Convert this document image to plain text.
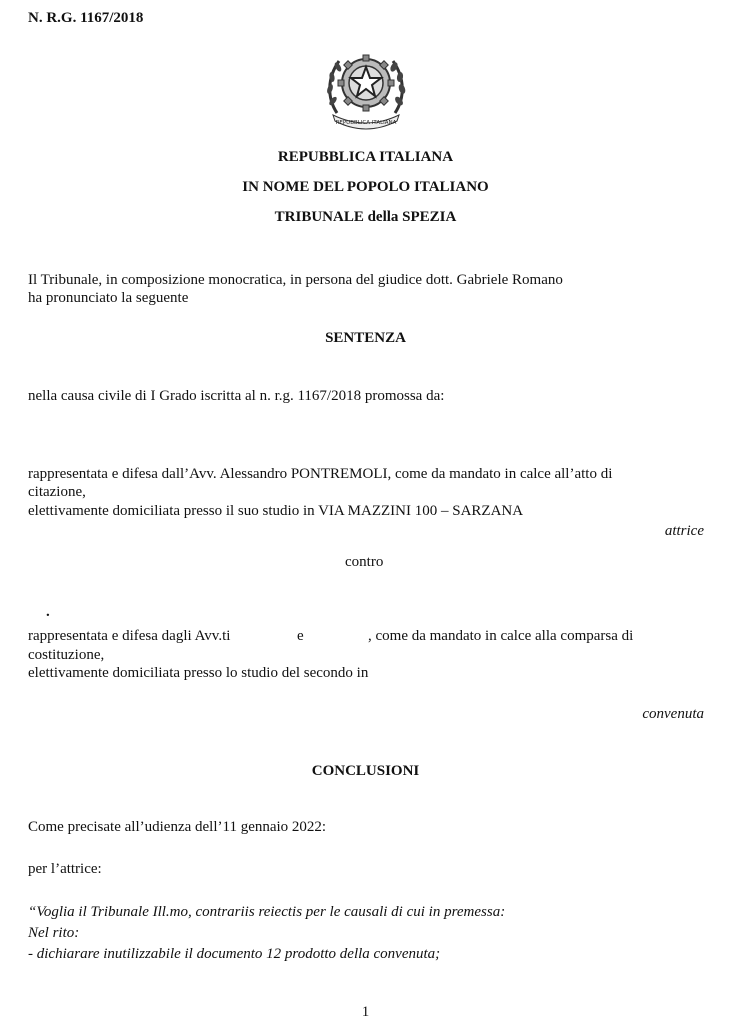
N. R.G. 1167/2018
REPUBBLICA ITALIANA
REPUBBLICA ITALIANA
IN NOME DEL POPOLO ITALIANO
TRIBUNALE della SPEZIA
Il Tribunale, in composizione monocratica, in persona del giudice dott. Gabriele Romano
ha pronunciato la seguente
SENTENZA
nella causa civile di I Grado iscritta al n. r.g. 1167/2018 promossa da:
rappresentata e difesa dall’Avv. Alessandro PONTREMOLI, come da mandato in calce all’atto di
citazione,
elettivamente domiciliata presso il suo studio in VIA MAZZINI 100 – SARZANA
attrice
contro
.
rappresentata e difesa dagli Avv.ti	e	, come da mandato in calce alla comparsa di
costituzione,
elettivamente domiciliata presso lo studio del secondo in
convenuta
CONCLUSIONI
Come precisate all’udienza dell’11 gennaio 2022:
per l’attrice:
“Voglia il Tribunale Ill.mo, contrariis reiectis per le causali di cui in premessa:
Nel rito:
- dichiarare inutilizzabile il documento 12 prodotto della convenuta;
1
